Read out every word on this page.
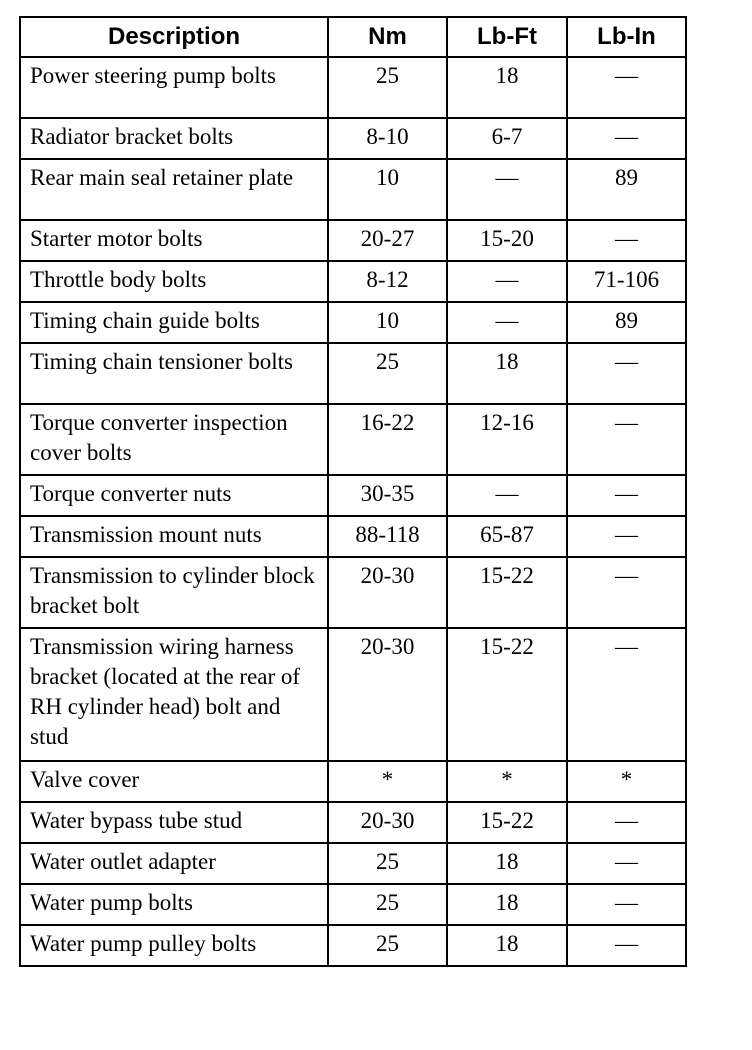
Description	Nm	Lb-Ft	Lb-In
Power steering pump bolts	25	18	—
Radiator bracket bolts	8-10	6-7	—
Rear main seal retainer plate	10	—	89
Starter motor bolts	20-27	15-20	—
Throttle body bolts	8-12	—	71-106
Timing chain guide bolts	10	—	89
Timing chain tensioner bolts	25	18	—
Torque converter inspection cover bolts	16-22	12-16	—
Torque converter nuts	30-35	—	—
Transmission mount nuts	88-118	65-87	—
Transmission to cylinder block bracket bolt	20-30	15-22	—
Transmission wiring harness bracket (located at the rear of RH cylinder head) bolt and stud	20-30	15-22	—
Valve cover	*	*	*
Water bypass tube stud	20-30	15-22	—
Water outlet adapter	25	18	—
Water pump bolts	25	18	—
Water pump pulley bolts	25	18	—
